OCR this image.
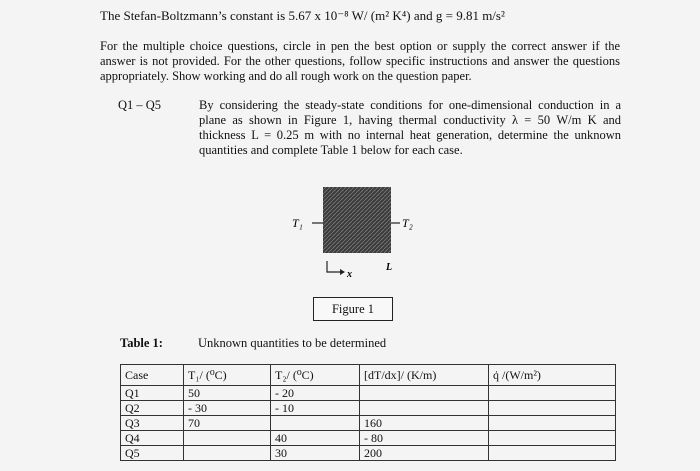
The Stefan-Boltzmann’s constant is 5.67 x 10⁻⁸ W/ (m² K⁴) and g = 9.81 m/s²
For the multiple choice questions, circle in pen the best option or supply the correct answer if the answer is not provided. For the other questions, follow specific instructions and answer the questions appropriately. Show working and do all rough work on the question paper.
Q1 – Q5	By considering the steady-state conditions for one-dimensional conduction in a plane as shown in Figure 1, having thermal conductivity λ = 50 W/m K and thickness L = 0.25 m with no internal heat generation, determine the unknown quantities and complete Table 1 below for each case.
T₁	T₂
x
L
Figure 1
Table 1:	Unknown quantities to be determined
Case	T₁/ (⁰C)	T₂/ (⁰C)	[dT/dx]/ (K/m)	q̇ /(W/m²)
Q1	50	- 20		
Q2	- 30	- 10		
Q3	70		160	
Q4		40	- 80	
Q5		30	200	
